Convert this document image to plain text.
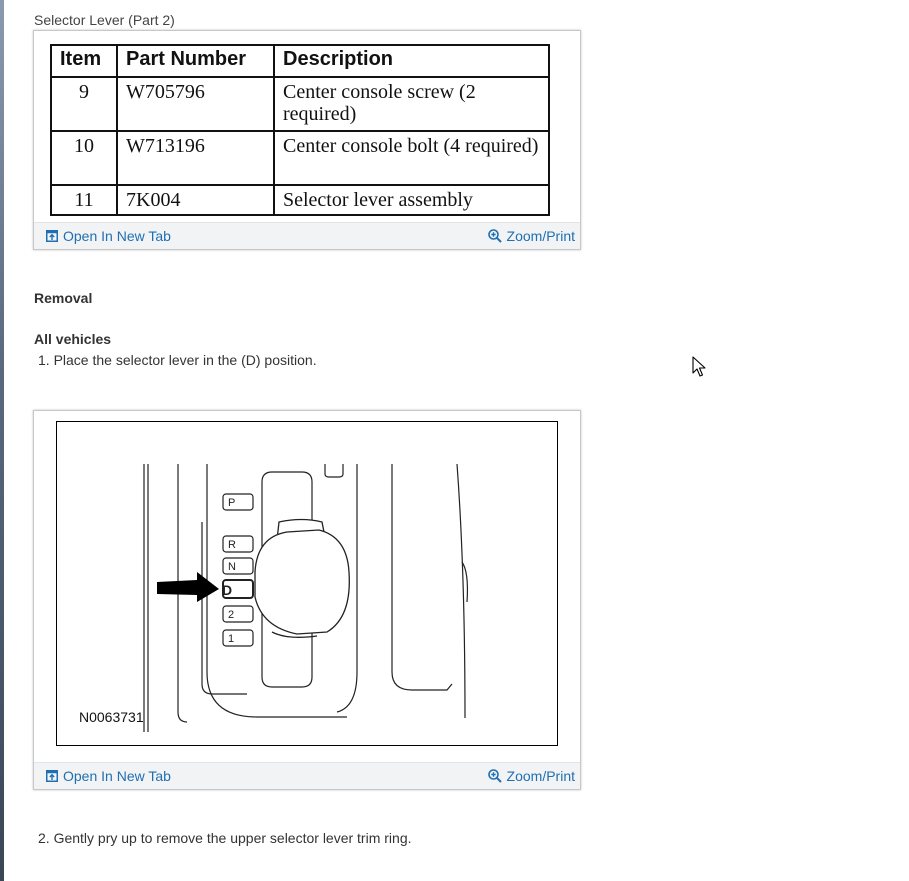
Selector Lever (Part 2)
Item	Part Number	Description
9	W705796	Center console screw (2 required)
10	W713196	Center console bolt (4 required)
11	7K004	Selector lever assembly
Open In New Tab	Zoom/Print
Removal
All vehicles
1. Place the selector lever in the (D) position.
P
R
N
D
2
1
N0063731
Open In New Tab	Zoom/Print
2. Gently pry up to remove the upper selector lever trim ring.
